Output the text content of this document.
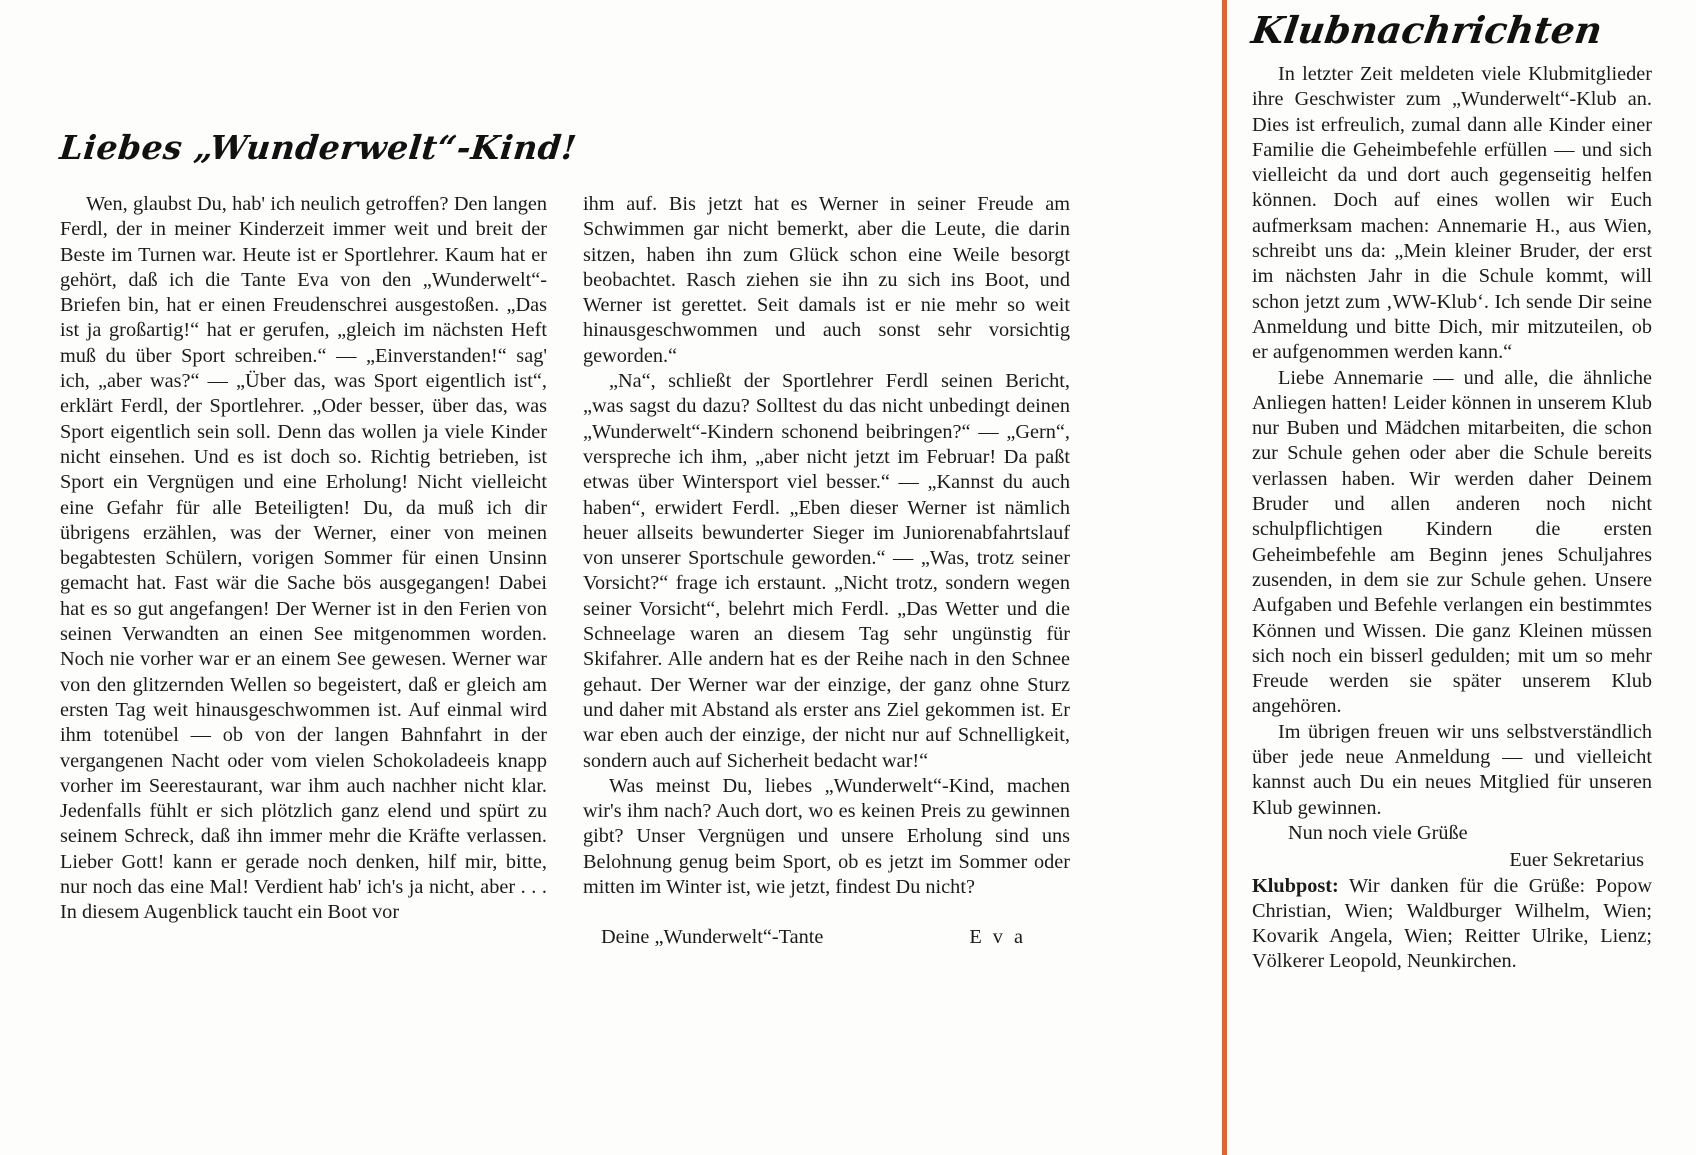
Liebes „Wunderwelt“-Kind!

Wen, glaubst Du, hab' ich neulich getroffen? Den langen Ferdl, der in meiner Kinderzeit immer weit und breit der Beste im Turnen war. Heute ist er Sportlehrer. Kaum hat er gehört, daß ich die Tante Eva von den „Wunderwelt“-Briefen bin, hat er einen Freudenschrei ausgestoßen. „Das ist ja großartig!“ hat er gerufen, „gleich im nächsten Heft muß du über Sport schreiben.“ — „Einverstanden!“ sag' ich, „aber was?“ — „Über das, was Sport eigentlich ist“, erklärt Ferdl, der Sportlehrer. „Oder besser, über das, was Sport eigentlich sein soll. Denn das wollen ja viele Kinder nicht einsehen. Und es ist doch so. Richtig betrieben, ist Sport ein Vergnügen und eine Erholung! Nicht vielleicht eine Gefahr für alle Beteiligten! Du, da muß ich dir übrigens erzählen, was der Werner, einer von meinen begabtesten Schülern, vorigen Sommer für einen Unsinn gemacht hat. Fast wär die Sache bös ausgegangen! Dabei hat es so gut angefangen! Der Werner ist in den Ferien von seinen Verwandten an einen See mitgenommen worden. Noch nie vorher war er an einem See gewesen. Werner war von den glitzernden Wellen so begeistert, daß er gleich am ersten Tag weit hinausgeschwommen ist. Auf einmal wird ihm totenübel — ob von der langen Bahnfahrt in der vergangenen Nacht oder vom vielen Schokoladeeis knapp vorher im Seerestaurant, war ihm auch nachher nicht klar. Jedenfalls fühlt er sich plötzlich ganz elend und spürt zu seinem Schreck, daß ihn immer mehr die Kräfte verlassen. Lieber Gott! kann er gerade noch denken, hilf mir, bitte, nur noch das eine Mal! Verdient hab' ich's ja nicht, aber . . . In diesem Augenblick taucht ein Boot vor

ihm auf. Bis jetzt hat es Werner in seiner Freude am Schwimmen gar nicht bemerkt, aber die Leute, die darin sitzen, haben ihn zum Glück schon eine Weile besorgt beobachtet. Rasch ziehen sie ihn zu sich ins Boot, und Werner ist gerettet. Seit damals ist er nie mehr so weit hinausgeschwommen und auch sonst sehr vorsichtig geworden.“

„Na“, schließt der Sportlehrer Ferdl seinen Bericht, „was sagst du dazu? Solltest du das nicht unbedingt deinen „Wunderwelt“-Kindern schonend beibringen?“ — „Gern“, verspreche ich ihm, „aber nicht jetzt im Februar! Da paßt etwas über Wintersport viel besser.“ — „Kannst du auch haben“, erwidert Ferdl. „Eben dieser Werner ist nämlich heuer allseits bewunderter Sieger im Juniorenabfahrtslauf von unserer Sportschule geworden.“ — „Was, trotz seiner Vorsicht?“ frage ich erstaunt. „Nicht trotz, sondern wegen seiner Vorsicht“, belehrt mich Ferdl. „Das Wetter und die Schneelage waren an diesem Tag sehr ungünstig für Skifahrer. Alle andern hat es der Reihe nach in den Schnee gehaut. Der Werner war der einzige, der ganz ohne Sturz und daher mit Abstand als erster ans Ziel gekommen ist. Er war eben auch der einzige, der nicht nur auf Schnelligkeit, sondern auch auf Sicherheit bedacht war!“

Was meinst Du, liebes „Wunderwelt“-Kind, machen wir's ihm nach? Auch dort, wo es keinen Preis zu gewinnen gibt? Unser Vergnügen und unsere Erholung sind uns Belohnung genug beim Sport, ob es jetzt im Sommer oder mitten im Winter ist, wie jetzt, findest Du nicht?

Deine „Wunderwelt“-Tante	E v a
Klubnachrichten

In letzter Zeit meldeten viele Klubmitglieder ihre Geschwister zum „Wunderwelt“-Klub an. Dies ist erfreulich, zumal dann alle Kinder einer Familie die Geheimbefehle erfüllen — und sich vielleicht da und dort auch gegenseitig helfen können. Doch auf eines wollen wir Euch aufmerksam machen: Annemarie H., aus Wien, schreibt uns da: „Mein kleiner Bruder, der erst im nächsten Jahr in die Schule kommt, will schon jetzt zum ‚WW-Klub‘. Ich sende Dir seine Anmeldung und bitte Dich, mir mitzuteilen, ob er aufgenommen werden kann.“

Liebe Annemarie — und alle, die ähnliche Anliegen hatten! Leider können in unserem Klub nur Buben und Mädchen mitarbeiten, die schon zur Schule gehen oder aber die Schule bereits verlassen haben. Wir werden daher Deinem Bruder und allen anderen noch nicht schulpflichtigen Kindern die ersten Geheimbefehle am Beginn jenes Schuljahres zusenden, in dem sie zur Schule gehen. Unsere Aufgaben und Befehle verlangen ein bestimmtes Können und Wissen. Die ganz Kleinen müssen sich noch ein bisserl gedulden; mit um so mehr Freude werden sie später unserem Klub angehören.

Im übrigen freuen wir uns selbstverständlich über jede neue Anmeldung — und vielleicht kannst auch Du ein neues Mitglied für unseren Klub gewinnen.

Nun noch viele Grüße

Euer Sekretarius

Klubpost: Wir danken für die Grüße: Popow Christian, Wien; Waldburger Wilhelm, Wien; Kovarik Angela, Wien; Reitter Ulrike, Lienz; Völkerer Leopold, Neunkirchen.
